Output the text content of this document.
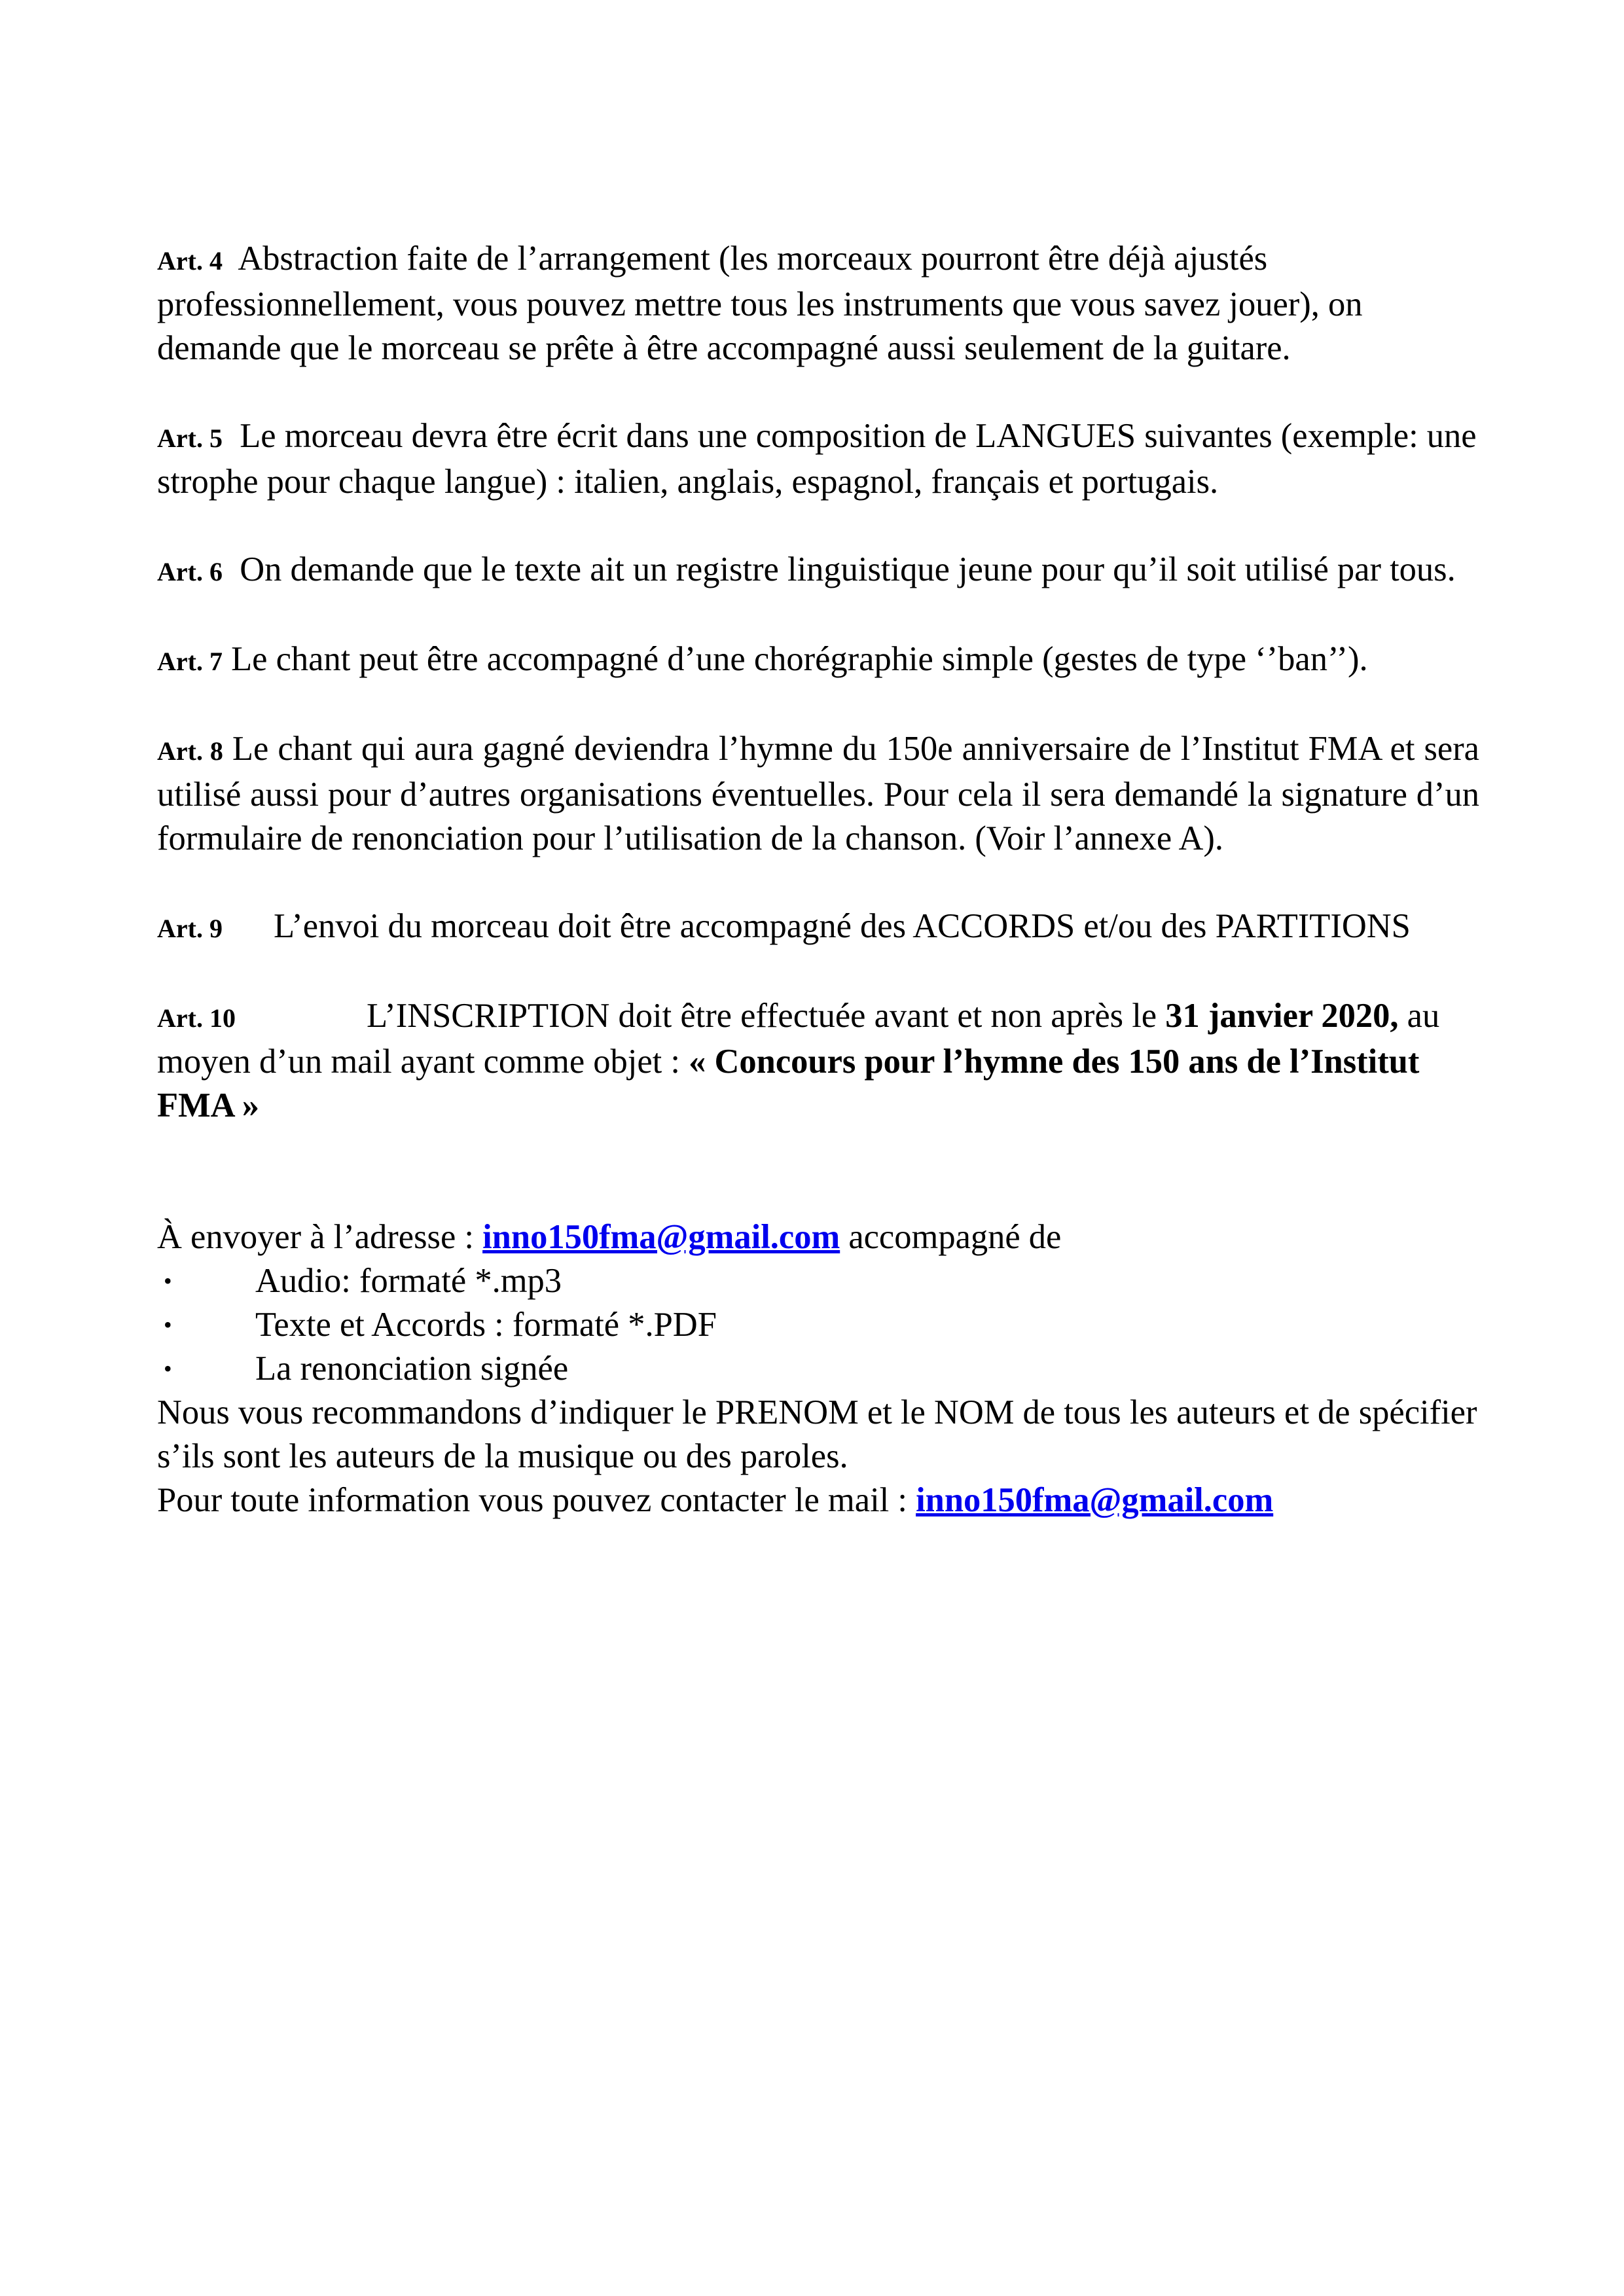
Art. 4 Abstraction faite de l’arrangement (les morceaux pourront être déjà ajustés professionnellement, vous pouvez mettre tous les instruments que vous savez jouer), on demande que le morceau se prête à être accompagné aussi seulement de la guitare.

Art. 5 Le morceau devra être écrit dans une composition de LANGUES suivantes (exemple: une strophe pour chaque langue) : italien, anglais, espagnol, français et portugais.

Art. 6 On demande que le texte ait un registre linguistique jeune pour qu’il soit utilisé par tous.

Art. 7 Le chant peut être accompagné d’une chorégraphie simple (gestes de type ‘’ban’’).

Art. 8 Le chant qui aura gagné deviendra l’hymne du 150e anniversaire de l’Institut FMA et sera utilisé aussi pour d’autres organisations éventuelles. Pour cela il sera demandé la signature d’un formulaire de renonciation pour l’utilisation de la chanson. (Voir l’annexe A).

Art. 9	L’envoi du morceau doit être accompagné des ACCORDS et/ou des PARTITIONS

Art. 10	L’INSCRIPTION doit être effectuée avant et non après le 31 janvier 2020, au moyen d’un mail ayant comme objet : « Concours pour l’hymne des 150 ans de l’Institut FMA »

À envoyer à l’adresse : inno150fma@gmail.com accompagné de

• Audio: formaté *.mp3
• Texte et Accords : formaté *.PDF
• La renonciation signée

Nous vous recommandons d’indiquer le PRENOM et le NOM de tous les auteurs et de spécifier s’ils sont les auteurs de la musique ou des paroles.

Pour toute information vous pouvez contacter le mail : inno150fma@gmail.com
